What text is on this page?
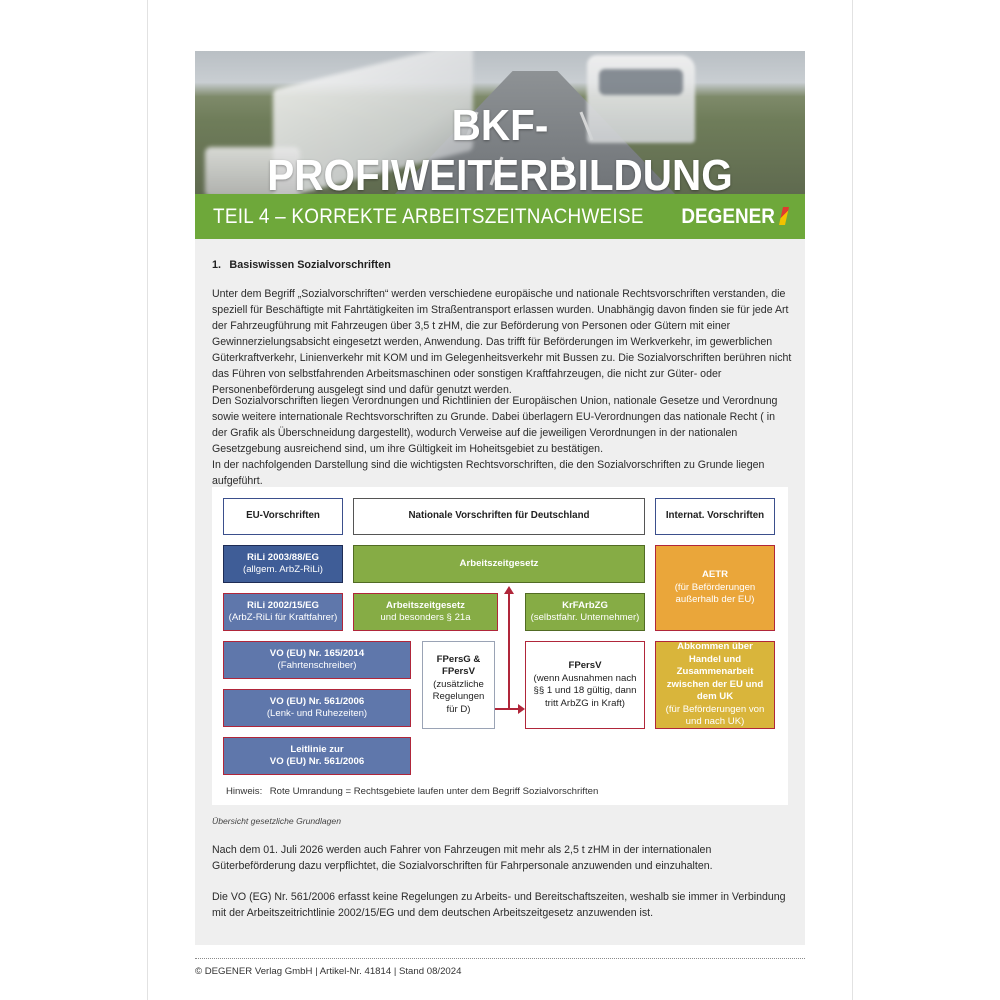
BKF-PROFIWEITERBILDUNG
TEIL 4 – KORREKTE ARBEITSZEITNACHWEISE DEGENER
1.  Basiswissen Sozialvorschriften
Unter dem Begriff „Sozialvorschriften“ werden verschiedene europäische und nationale Rechtsvorschriften verstanden, die speziell für Beschäftigte mit Fahrtätigkeiten im Straßentransport erlassen wurden. Unabhängig davon finden sie für jede Art der Fahrzeugführung mit Fahrzeugen über 3,5 t zHM, die zur Beförderung von Personen oder Gütern mit einer Gewinnerzielungsabsicht eingesetzt werden, Anwendung. Das trifft für Beförderungen im Werkverkehr, im gewerblichen Güterkraftverkehr, Linienverkehr mit KOM und im Gelegenheitsverkehr mit Bussen zu. Die Sozialvorschriften berühren nicht das Führen von selbstfahrenden Arbeitsmaschinen oder sonstigen Kraftfahrzeugen, die nicht zur Güter- oder Personenbeförderung ausgelegt sind und dafür genutzt werden.
Den Sozialvorschriften liegen Verordnungen und Richtlinien der Europäischen Union, nationale Gesetze und Verordnung sowie weitere internationale Rechtsvorschriften zu Grunde. Dabei überlagern EU-Verordnungen das nationale Recht ( in der Grafik als Überschneidung dargestellt), wodurch Verweise auf die jeweiligen Verordnungen in der nationalen Gesetzgebung ausreichend sind, um ihre Gültigkeit im Hoheitsgebiet zu bestätigen.
In der nachfolgenden Darstellung sind die wichtigsten Rechtsvorschriften, die den Sozialvorschriften zu Grunde liegen aufgeführt.
EU-Vorschriften	Nationale Vorschriften für Deutschland	Internat. Vorschriften
RiLi 2003/88/EG
(allgem. ArbZ-RiLi)
Arbeitszeitgesetz
RiLi 2002/15/EG
(ArbZ-RiLi für Kraftfahrer)
Arbeitszeitgesetz
und besonders § 21a
KrFArbZG
(selbstfahr. Unternehmer)
AETR
(für Beförderungen außerhalb der EU)
VO (EU) Nr. 165/2014
(Fahrtenschreiber)
VO (EU) Nr. 561/2006
(Lenk- und Ruhezeiten)
Leitlinie zur
VO (EU) Nr. 561/2006
FPersG & FPersV
(zusätzliche Regelungen für D)
FPersV
(wenn Ausnahmen nach §§ 1 und 18 gültig, dann tritt ArbZG in Kraft)
Abkommen über Handel und Zusammenarbeit zwischen der EU und dem UK
(für Beförderungen von und nach UK)
Hinweis:  Rote Umrandung = Rechtsgebiete laufen unter dem Begriff Sozialvorschriften
Übersicht gesetzliche Grundlagen
Nach dem 01. Juli 2026 werden auch Fahrer von Fahrzeugen mit mehr als 2,5 t zHM in der internationalen Güterbeförderung dazu verpflichtet, die Sozialvorschriften für Fahrpersonale anzuwenden und einzuhalten.
Die VO (EG) Nr. 561/2006 erfasst keine Regelungen zu Arbeits- und Bereitschaftszeiten, weshalb sie immer in Verbindung mit der Arbeitszeitrichtlinie 2002/15/EG und dem deutschen Arbeitszeitgesetz anzuwenden ist.
© DEGENER Verlag GmbH | Artikel-Nr. 41814 | Stand 08/2024
